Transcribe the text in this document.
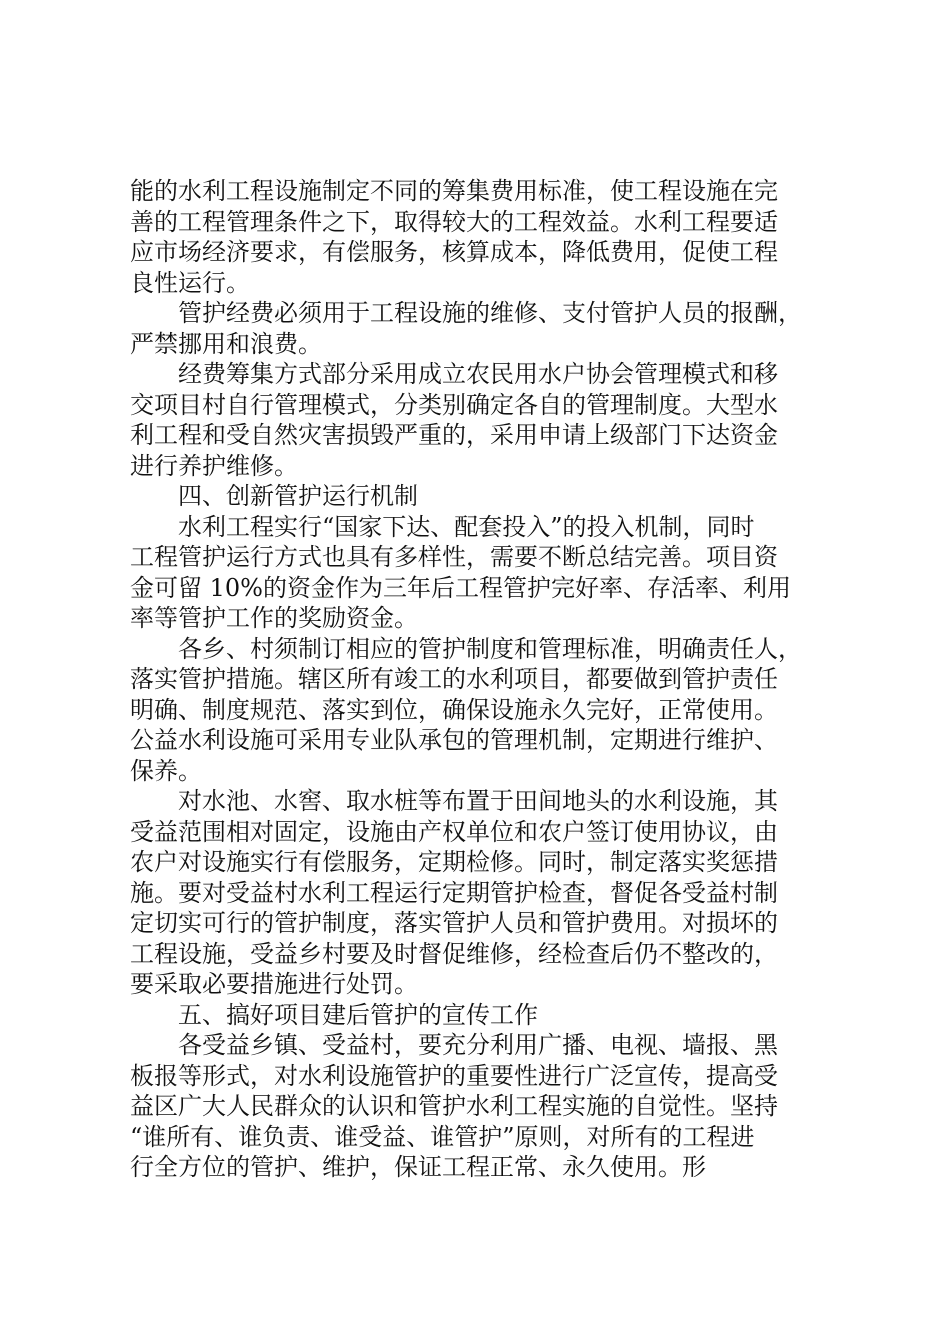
能的水利工程设施制定不同的筹集费用标准，使工程设施在完
善的工程管理条件之下，取得较大的工程效益。水利工程要适
应市场经济要求，有偿服务，核算成本，降低费用，促使工程
良性运行。

　　管护经费必须用于工程设施的维修、支付管护人员的报酬，
严禁挪用和浪费。

　　经费筹集方式部分采用成立农民用水户协会管理模式和移
交项目村自行管理模式，分类别确定各自的管理制度。大型水
利工程和受自然灾害损毁严重的，采用申请上级部门下达资金
进行养护维修。

　　四、创新管护运行机制

　　水利工程实行“国家下达、配套投入”的投入机制，同时
工程管护运行方式也具有多样性，需要不断总结完善。项目资
金可留 10%的资金作为三年后工程管护完好率、存活率、利用
率等管护工作的奖励资金。

　　各乡、村须制订相应的管护制度和管理标准，明确责任人，
落实管护措施。辖区所有竣工的水利项目，都要做到管护责任
明确、制度规范、落实到位，确保设施永久完好，正常使用。
公益水利设施可采用专业队承包的管理机制，定期进行维护、
保养。

　　对水池、水窖、取水桩等布置于田间地头的水利设施，其
受益范围相对固定，设施由产权单位和农户签订使用协议，由
农户对设施实行有偿服务，定期检修。同时，制定落实奖惩措
施。要对受益村水利工程运行定期管护检查，督促各受益村制
定切实可行的管护制度，落实管护人员和管护费用。对损坏的
工程设施，受益乡村要及时督促维修，经检查后仍不整改的，
要采取必要措施进行处罚。

　　五、搞好项目建后管护的宣传工作

　　各受益乡镇、受益村，要充分利用广播、电视、墙报、黑
板报等形式，对水利设施管护的重要性进行广泛宣传，提高受
益区广大人民群众的认识和管护水利工程实施的自觉性。坚持
“谁所有、谁负责、谁受益、谁管护”原则，对所有的工程进
行全方位的管护、维护，保证工程正常、永久使用。形
